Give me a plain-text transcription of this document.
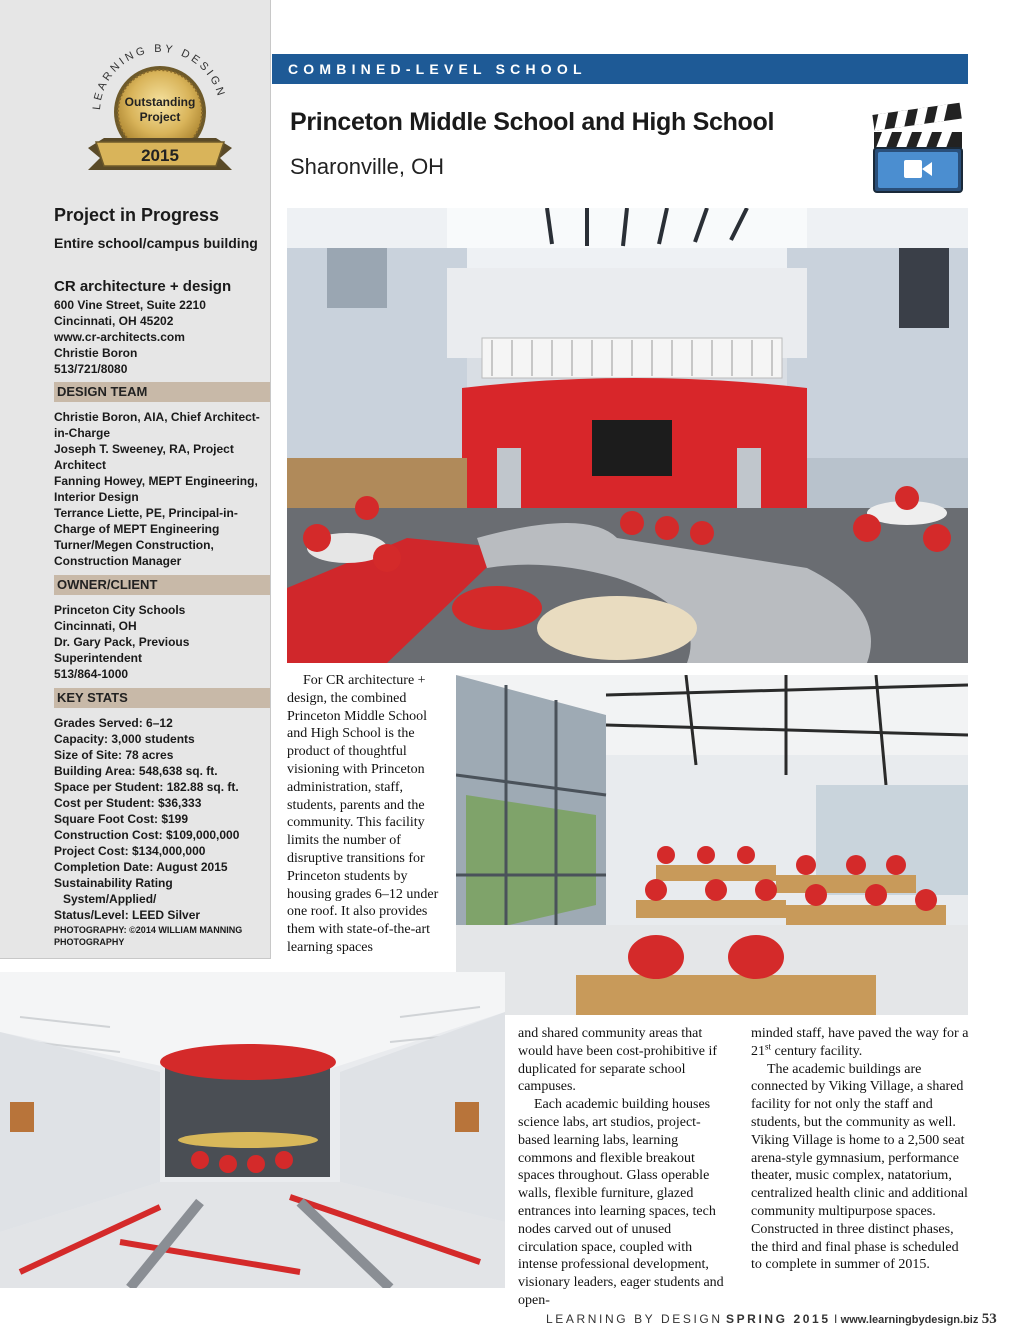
LEARNING BY DESIGN
Outstanding
Project
2015
Project in Progress
Entire school/campus building
CR architecture + design
600 Vine Street, Suite 2210
Cincinnati, OH 45202
www.cr-architects.com
Christie Boron
513/721/8080
DESIGN TEAM
Christie Boron, AIA, Chief Architect-
in-Charge
Joseph T. Sweeney, RA, Project
Architect
Fanning Howey, MEPT Engineering,
Interior Design
Terrance Liette, PE, Principal-in-
Charge of MEPT Engineering
Turner/Megen Construction,
Construction Manager
OWNER/CLIENT
Princeton City Schools
Cincinnati, OH
Dr. Gary Pack, Previous
Superintendent
513/864-1000
KEY STATS
Grades Served: 6–12
Capacity: 3,000 students
Size of Site: 78 acres
Building Area: 548,638 sq. ft.
Space per Student: 182.88 sq. ft.
Cost per Student: $36,333
Square Foot Cost: $199
Construction Cost: $109,000,000
Project Cost: $134,000,000
Completion Date: August 2015
Sustainability Rating System/Applied/
Status/Level: LEED Silver
PHOTOGRAPHY: ©2014 WILLIAM MANNING
PHOTOGRAPHY
COMBINED-LEVEL SCHOOL
Princeton Middle School and High School
Sharonville, OH

For CR architecture + design, the combined Princeton Middle School and High School is the product of thoughtful visioning with Princeton administration, staff, students, parents and the community. This facility limits the number of disruptive transitions for Princeton students by housing grades 6–12 under one roof. It also provides them with state-of-the-art learning spaces

and shared community areas that would have been cost-prohibitive if duplicated for separate school campuses.

Each academic building houses science labs, art studios, project-based learning labs, learning commons and flexible breakout spaces throughout. Glass operable walls, flexible furniture, glazed entrances into learning spaces, tech nodes carved out of unused circulation space, coupled with intense professional development, visionary leaders, eager students and open-

minded staff, have paved the way for a 21st century facility.

The academic buildings are connected by Viking Village, a shared facility for not only the staff and students, but the community as well. Viking Village is home to a 2,500 seat arena-style gymnasium, performance theater, music complex, natatorium, centralized health clinic and additional community multipurpose spaces. Constructed in three distinct phases, the third and final phase is scheduled to complete in summer of 2015.

LEARNING BY DESIGN SPRING 2015 I www.learningbydesign.biz 53
